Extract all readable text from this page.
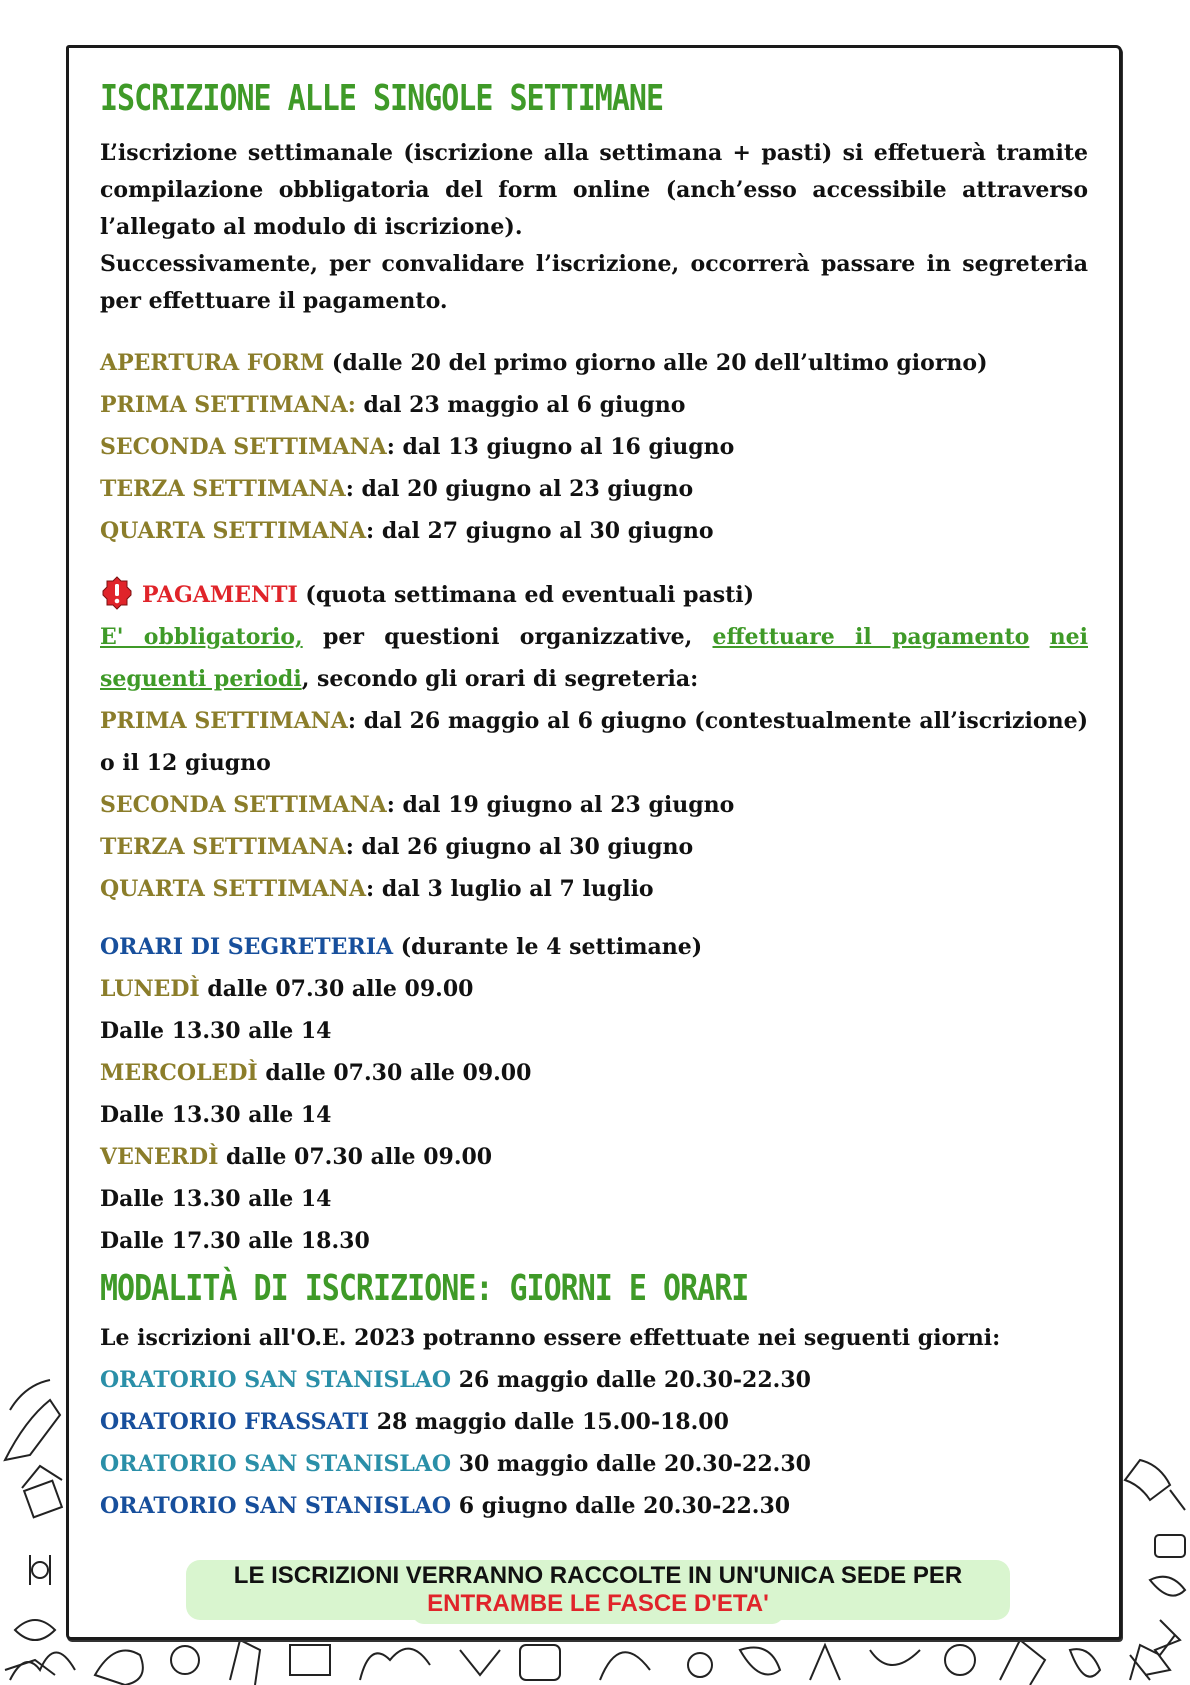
ISCRIZIONE ALLE SINGOLE SETTIMANE

L’iscrizione settimanale (iscrizione alla settimana + pasti) si effetuerà tramite compilazione obbligatoria del form online (anch’esso accessibile attraverso l’allegato al modulo di iscrizione).

Successivamente, per convalidare l’iscrizione, occorrerà passare in segreteria per effettuare il pagamento.

APERTURA FORM (dalle 20 del primo giorno alle 20 dell’ultimo giorno)

PRIMA SETTIMANA: dal 23 maggio al 6 giugno

SECONDA SETTIMANA: dal 13 giugno al 16 giugno

TERZA SETTIMANA: dal 20 giugno al 23 giugno

QUARTA SETTIMANA: dal 27 giugno al 30 giugno

PAGAMENTI (quota settimana ed eventuali pasti)

E' obbligatorio, per questioni organizzative, effettuare il pagamento nei seguenti periodi, secondo gli orari di segreteria:

PRIMA SETTIMANA: dal 26 maggio al 6 giugno (contestualmente all’iscrizione) o il 12 giugno

SECONDA SETTIMANA: dal 19 giugno al 23 giugno

TERZA SETTIMANA: dal 26 giugno al 30 giugno

QUARTA SETTIMANA: dal 3 luglio al 7 luglio

ORARI DI SEGRETERIA (durante le 4 settimane)

LUNEDÌ dalle 07.30 alle 09.00

Dalle 13.30 alle 14

MERCOLEDÌ dalle 07.30 alle 09.00

Dalle 13.30 alle 14

VENERDÌ dalle 07.30 alle 09.00

Dalle 13.30 alle 14

Dalle 17.30 alle 18.30

MODALITÀ DI ISCRIZIONE: GIORNI E ORARI

Le iscrizioni all'O.E. 2023 potranno essere effettuate nei seguenti giorni:

ORATORIO SAN STANISLAO 26 maggio dalle 20.30-22.30

ORATORIO FRASSATI 28 maggio dalle 15.00-18.00

ORATORIO SAN STANISLAO 30 maggio dalle 20.30-22.30

ORATORIO SAN STANISLAO 6 giugno dalle 20.30-22.30

LE ISCRIZIONI VERRANNO RACCOLTE IN UN'UNICA SEDE PER
ENTRAMBE LE FASCE D'ETA'
